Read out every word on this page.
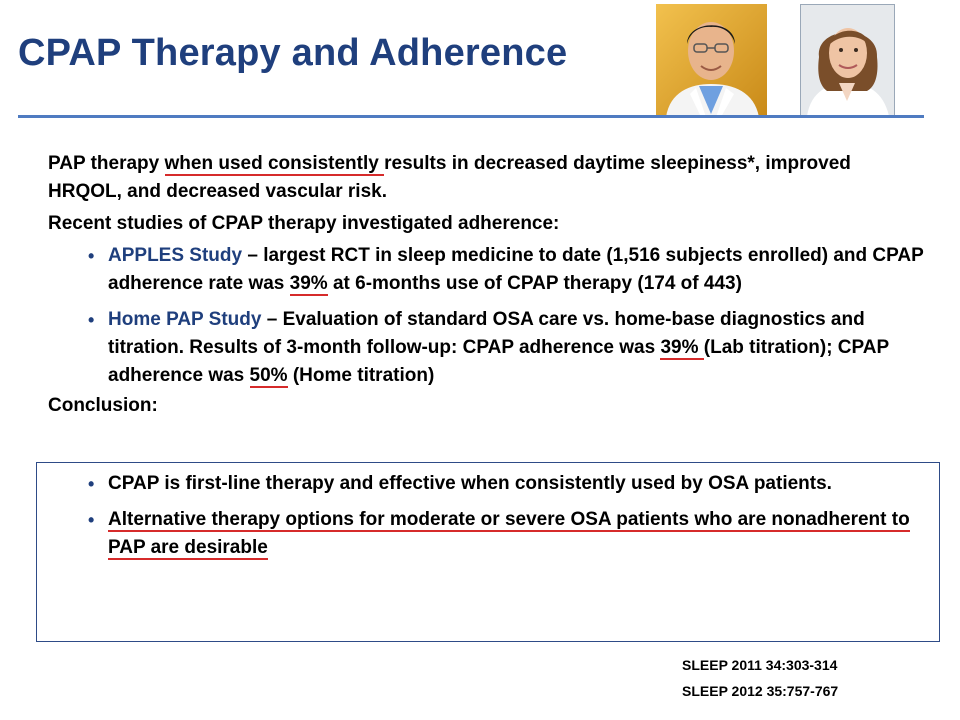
CPAP Therapy and Adherence

PAP therapy when used consistently results in decreased daytime sleepiness*, improved HRQOL, and decreased vascular risk.

Recent studies of CPAP therapy investigated adherence:

• APPLES Study – largest RCT in sleep medicine to date (1,516 subjects enrolled) and CPAP adherence rate was 39% at 6-months use of CPAP therapy (174 of 443)
• Home PAP Study – Evaluation of standard OSA care vs. home-base diagnostics and titration. Results of 3-month follow-up: CPAP adherence was 39% (Lab titration); CPAP adherence was 50% (Home titration)

Conclusion:

• CPAP is first-line therapy and effective when consistently used by OSA patients.
• Alternative therapy options for moderate or severe OSA patients who are nonadherent to PAP are desirable
SLEEP 2011 34:303-314
SLEEP 2012 35:757-767
